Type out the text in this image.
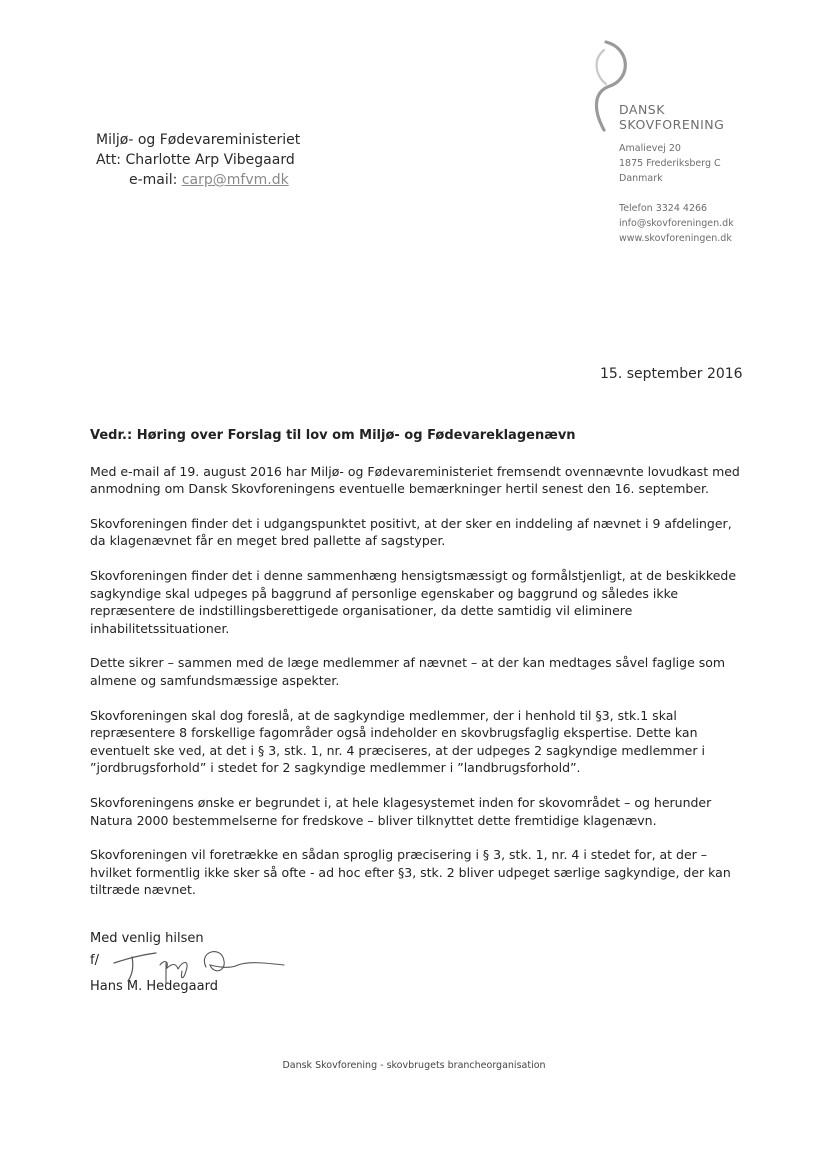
Miljø- og Fødevareministeriet
Att: Charlotte Arp Vibegaard
e-mail: carp@mfvm.dk
DANSK
SKOVFORENING
Amalievej 20
1875 Frederiksberg C
Danmark
Telefon 3324 4266
info@skovforeningen.dk
www.skovforeningen.dk
15. september 2016

Vedr.: Høring over Forslag til lov om Miljø- og Fødevareklagenævn

Med e-mail af 19. august 2016 har Miljø- og Fødevareministeriet fremsendt ovennævnte lovudkast med anmodning om Dansk Skovforeningens eventuelle bemærkninger hertil senest den 16. september.

Skovforeningen finder det i udgangspunktet positivt, at der sker en inddeling af nævnet i 9 afdelinger, da klagenævnet får en meget bred pallette af sagstyper.

Skovforeningen finder det i denne sammenhæng hensigtsmæssigt og formålstjenligt, at de beskikkede sagkyndige skal udpeges på baggrund af personlige egenskaber og baggrund og således ikke repræsentere de indstillingsberettigede organisationer, da dette samtidig vil eliminere inhabilitetssituationer.

Dette sikrer – sammen med de læge medlemmer af nævnet – at der kan medtages såvel faglige som almene og samfundsmæssige aspekter.

Skovforeningen skal dog foreslå, at de sagkyndige medlemmer, der i henhold til §3, stk.1 skal repræsentere 8 forskellige fagområder også indeholder en skovbrugsfaglig ekspertise. Dette kan eventuelt ske ved, at det i § 3, stk. 1, nr. 4 præciseres, at der udpeges 2 sagkyndige medlemmer i ”jordbrugsforhold” i stedet for 2 sagkyndige medlemmer i ”landbrugsforhold”.

Skovforeningens ønske er begrundet i, at hele klagesystemet inden for skovområdet – og herunder Natura 2000 bestemmelserne for fredskove – bliver tilknyttet dette fremtidige klagenævn.

Skovforeningen vil foretrække en sådan sproglig præcisering i § 3, stk. 1, nr. 4 i stedet for, at der – hvilket formentlig ikke sker så ofte - ad hoc efter §3, stk. 2 bliver udpeget særlige sagkyndige, der kan tiltræde nævnet.

Med venlig hilsen
f/
Hans M. Hedegaard
Dansk Skovforening - skovbrugets brancheorganisation
